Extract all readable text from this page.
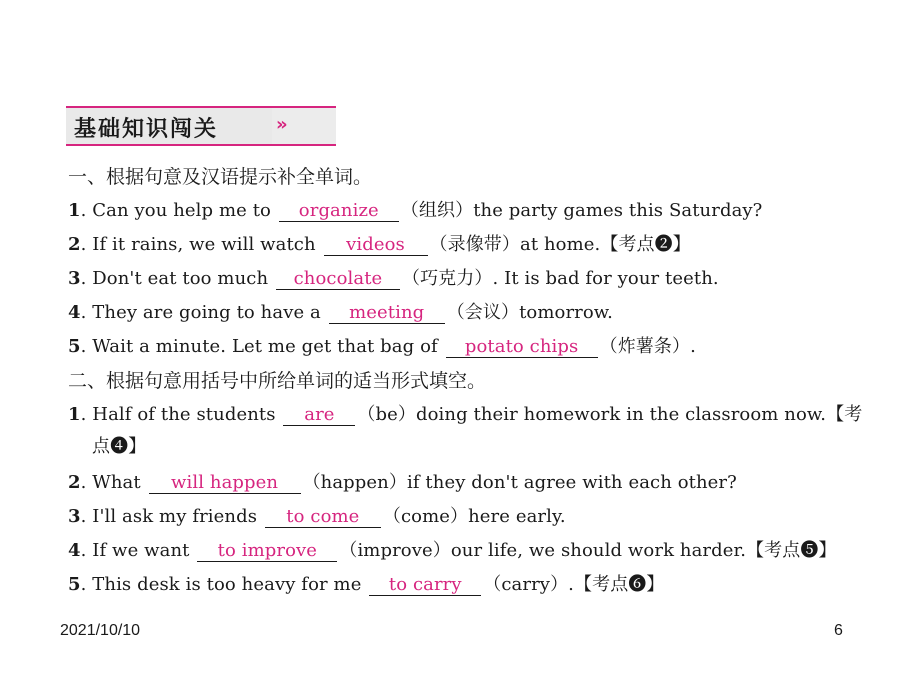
基础知识闯关	»
一、根据句意及汉语提示补全单词。
1. Can you help me to organize （组织）the party games this Saturday?
2. If it rains, we will watch videos （录像带）at home.【考点❷】
3. Don't eat too much chocolate （巧克力）. It is bad for your teeth.
4. They are going to have a meeting （会议）tomorrow.
5. Wait a minute. Let me get that bag of potato chips （炸薯条）.
二、根据句意用括号中所给单词的适当形式填空。
1. Half of the students are （be）doing their homework in the classroom now.【考
点❹】
2. What will happen （happen）if they don't agree with each other?
3. I'll ask my friends to come （come）here early.
4. If we want to improve （improve）our life, we should work harder.【考点❺】
5. This desk is too heavy for me to carry （carry）.【考点❻】
2021/10/10	6
